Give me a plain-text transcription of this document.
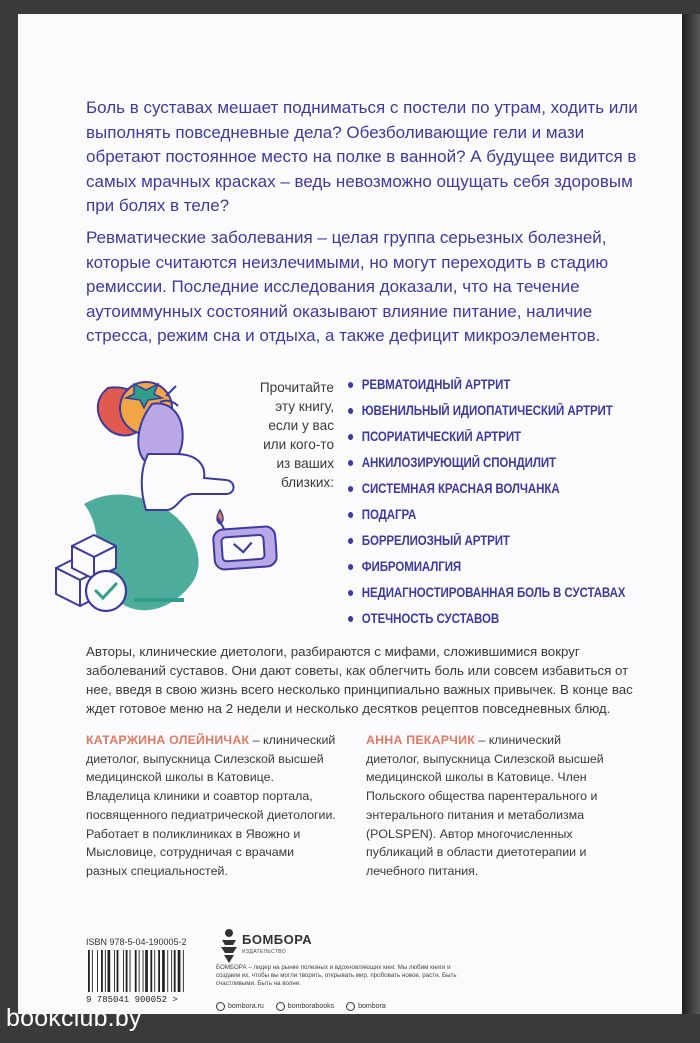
Боль в суставах мешает подниматься с постели по утрам, ходить или выполнять повседневные дела? Обезболивающие гели и мази обретают постоянное место на полке в ванной? А будущее видится в самых мрачных красках – ведь невозможно ощущать себя здоровым при болях в теле?

Ревматические заболевания – целая группа серьезных болезней, которые считаются неизлечимыми, но могут переходить в стадию ремиссии. Последние исследования доказали, что на течение аутоиммунных состояний оказывают влияние питание, наличие стресса, режим сна и отдыха, а также дефицит микроэлементов.

Прочитайте
эту книгу,
если у вас
или кого-то
из ваших
близких:
РЕВМАТОИДНЫЙ АРТРИТ
ЮВЕНИЛЬНЫЙ ИДИОПАТИЧЕСКИЙ АРТРИТ
ПСОРИАТИЧЕСКИЙ АРТРИТ
АНКИЛОЗИРУЮЩИЙ СПОНДИЛИТ
СИСТЕМНАЯ КРАСНАЯ ВОЛЧАНКА
ПОДАГРА
БОРРЕЛИОЗНЫЙ АРТРИТ
ФИБРОМИАЛГИЯ
НЕДИАГНОСТИРОВАННАЯ БОЛЬ В СУСТАВАХ
ОТЕЧНОСТЬ СУСТАВОВ

Авторы, клинические диетологи, разбираются с мифами, сложившимися вокруг заболеваний суставов. Они дают советы, как облегчить боль или совсем избавиться от нее, введя в свою жизнь всего несколько принципиально важных привычек. В конце вас ждет готовое меню на 2 недели и несколько десятков рецептов повседневных блюд.

КАТАРЖИНА ОЛЕЙНИЧАК – клинический диетолог, выпускница Силезской высшей медицинской школы в Катовице. Владелица клиники и соавтор портала, посвященного педиатрической диетологии. Работает в поликлиниках в Явожно и Мысловице, сотрудничая с врачами разных специальностей.

АННА ПЕКАРЧИК – клинический диетолог, выпускница Силезской высшей медицинской школы в Катовице. Член Польского общества парентерального и энтерального питания и метаболизма (POLSPEN). Автор многочисленных публикаций в области диетотерапии и лечебного питания.

ISBN 978-5-04-190005-2
9 785041 900052 >
БОМБОРА
ИЗДАТЕЛЬСТВО
БОМБОРА – лидер на рынке полезных и вдохновляющих книг. Мы любим книги и создаем их, чтобы вы могли творить, открывать мир, пробовать новое, расти. Быть счастливыми. Быть на волне.
bombora.ru	bomborabooks	bombora
bookclub.by
